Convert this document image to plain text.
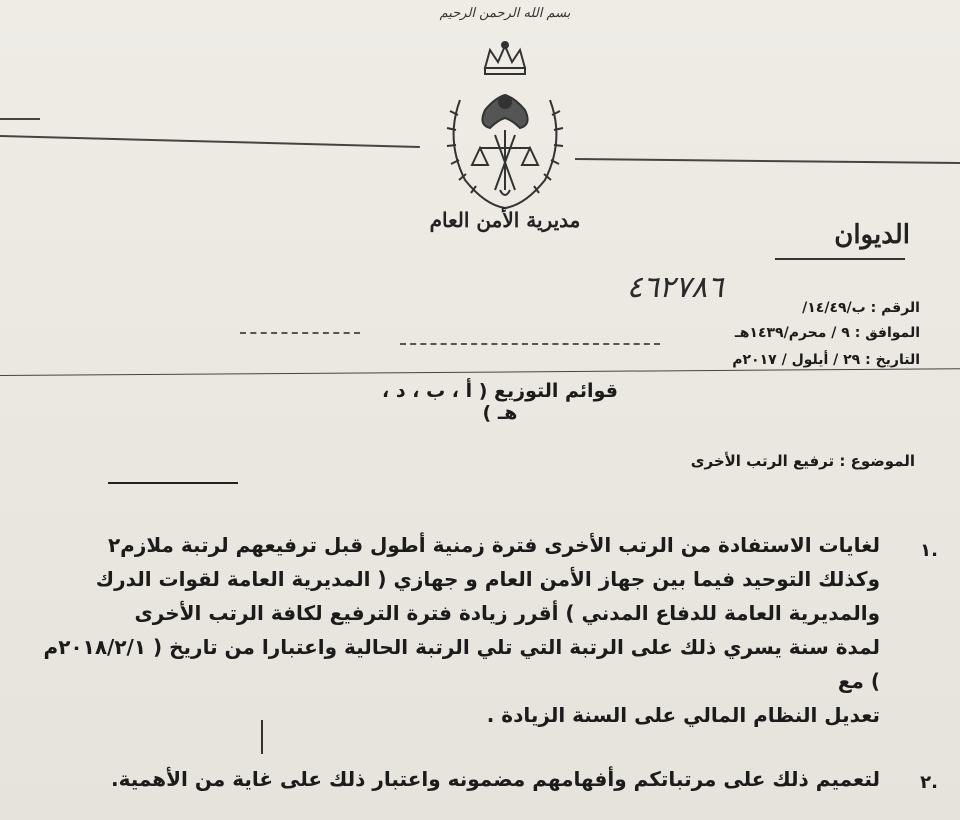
بسم الله الرحمن الرحيم
مديرية الأمن العام	الديوان
٤٦٢٧٨٦
الرقم : ب/١٤/٤٩/
الموافق : ٩ / محرم/١٤٣٩هـ
التاريخ : ٢٩ / أيلول / ٢٠١٧م
قوائم التوزيع ( أ ، ب ، د ، هـ )
الموضوع : ترفيع الرتب الأخرى
١.
لغايات الاستفادة من الرتب الأخرى فترة زمنية أطول قبل ترفيعهم لرتبة ملازم٢
وكذلك التوحيد فيما بين جهاز الأمن العام و جهازي ( المديرية العامة لقوات الدرك
والمديرية العامة للدفاع المدني ) أقرر زيادة فترة الترفيع لكافة الرتب الأخرى
لمدة سنة يسري ذلك على الرتبة التي تلي الرتبة الحالية واعتبارا من تاريخ ( ٢٠١٨/٢/١م ) مع
تعديل النظام المالي على السنة الزيادة .
٢.
لتعميم ذلك على مرتباتكم وأفهامهم مضمونه واعتبار ذلك على غاية من الأهمية.
